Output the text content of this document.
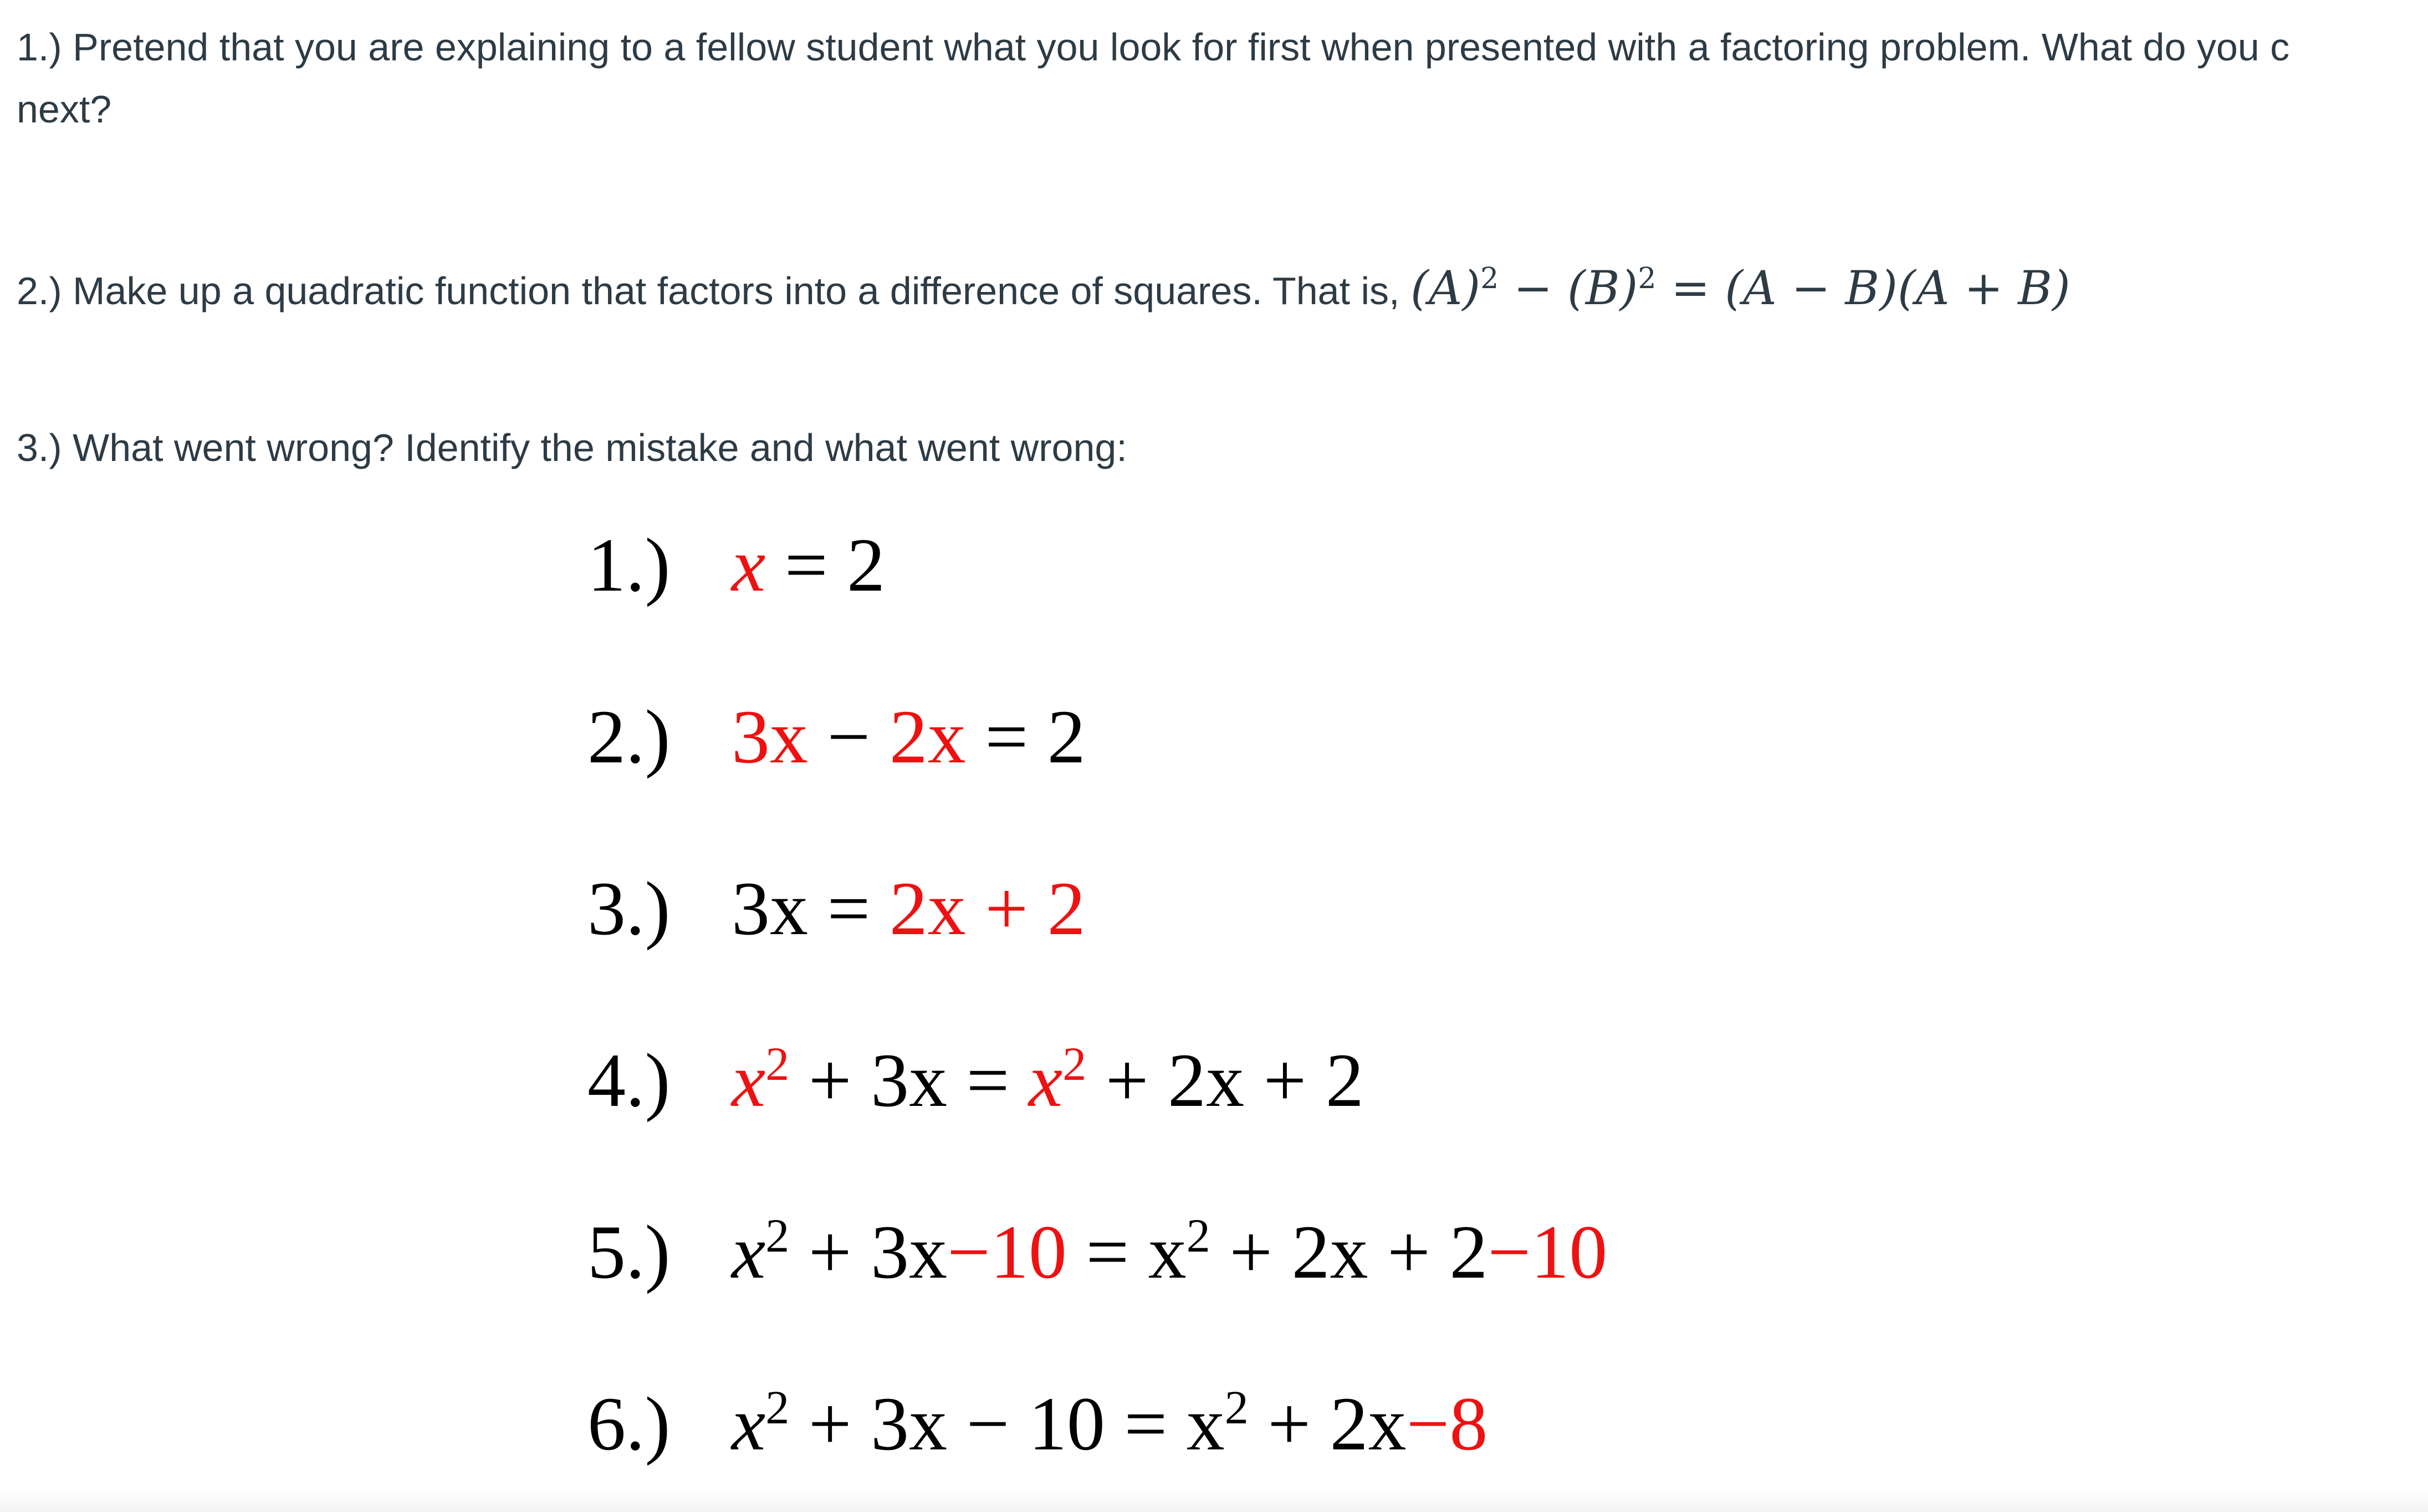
1.) Pretend that you are explaining to a fellow student what you look for first when presented with a factoring problem. What do you c
next?
2.) Make up a quadratic function that factors into a difference of squares. That is, $(A)^2 - (B)^2 = (A - B)(A + B)$
3.) What went wrong? Identify the mistake and what went wrong:
1.) x = 2
2.) 3x − 2x = 2
3.) 3x = 2x + 2
4.) $x^2 + 3x = x^2 + 2x + 2$
5.) $x^2 + 3x-10 = x^2 + 2x + 2-10$
6.) $x^2 + 3x - 10 = x^2 + 2x-8$
